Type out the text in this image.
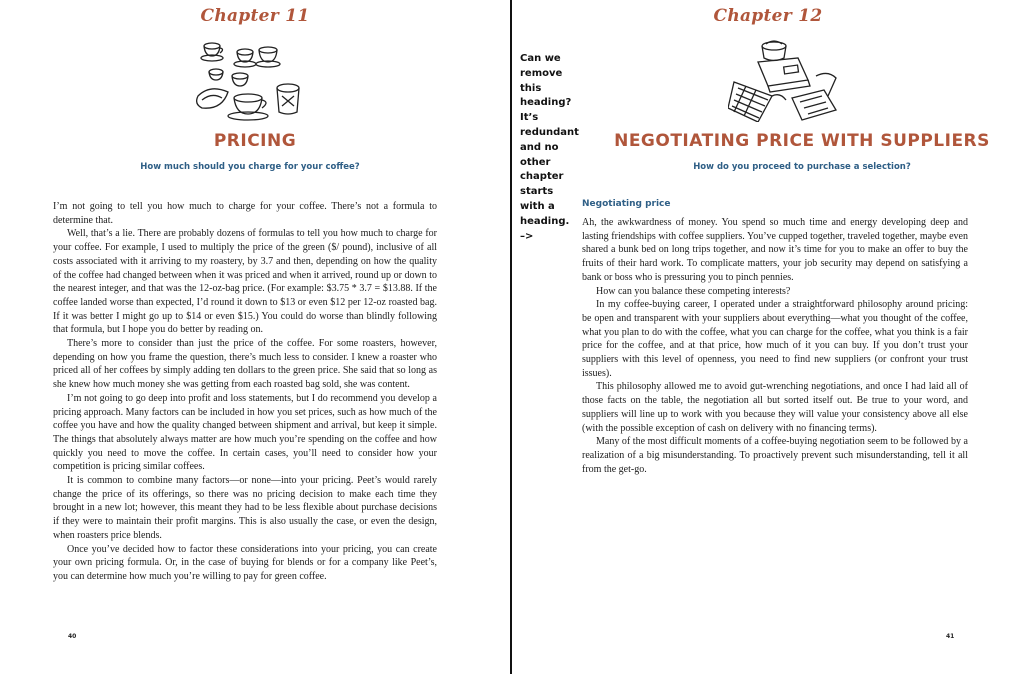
Chapter 11
PRICING
How much should you charge for your coffee?

I’m not going to tell you how much to charge for your coffee. There’s not a formula to determine that.

Well, that’s a lie. There are probably dozens of formulas to tell you how much to charge for your coffee. For example, I used to multiply the price of the green ($/ pound), inclusive of all costs associated with it arriving to my roastery, by 3.7 and then, depending on how the quality of the coffee had changed between when it was priced and when it arrived, round up or down to the nearest integer, and that was the 12-oz-bag price. (For example: $3.75 * 3.7 = $13.88. If the coffee landed worse than expected, I’d round it down to $13 or even $12 per 12-oz roasted bag. If it was better I might go up to $14 or even $15.) You could do worse than blindly following that formula, but I hope you do better by reading on.

There’s more to consider than just the price of the coffee. For some roasters, however, depending on how you frame the question, there’s much less to consider. I knew a roaster who priced all of her coffees by simply adding ten dollars to the green price. She said that so long as she knew how much money she was getting from each roasted bag sold, she was content.

I’m not going to go deep into profit and loss statements, but I do recommend you develop a pricing approach. Many factors can be included in how you set prices, such as how much of the coffee you have and how the quality changed between shipment and arrival, but keep it simple. The things that absolutely always matter are how much you’re spending on the coffee and how quickly you need to move the coffee. In certain cases, you’ll need to consider how your competition is pricing similar coffees.

It is common to combine many factors—or none—into your pricing. Peet’s would rarely change the price of its offerings, so there was no pricing decision to make each time they brought in a new lot; however, this meant they had to be less flexible about purchase decisions if they were to maintain their profit margins. This is also usually the case, or even the design, when roasters price blends.

Once you’ve decided how to factor these considerations into your pricing, you can create your own pricing formula. Or, in the case of buying for blends or for a company like Peet’s, you can determine how much you’re willing to pay for green coffee.

40
Can we remove this heading? It’s redundant and no other chapter starts with a heading. –>
Chapter 12
NEGOTIATING PRICE WITH SUPPLIERS
How do you proceed to purchase a selection?
Negotiating price

Ah, the awkwardness of money. You spend so much time and energy developing deep and lasting friendships with coffee suppliers. You’ve cupped together, traveled together, maybe even shared a bunk bed on long trips together, and now it’s time for you to make an offer to buy the fruits of their hard work. To complicate matters, your job security may depend on satisfying a bank or boss who is pressuring you to pinch pennies.

How can you balance these competing interests?

In my coffee-buying career, I operated under a straightforward philosophy around pricing: be open and transparent with your suppliers about everything—what you thought of the coffee, what you plan to do with the coffee, what you can charge for the coffee, what you think is a fair price for the coffee, and at that price, how much of it you can buy. If you don’t trust your suppliers with this level of openness, you need to find new suppliers (or confront your trust issues).

This philosophy allowed me to avoid gut-wrenching negotiations, and once I had laid all of those facts on the table, the negotiation all but sorted itself out. Be true to your word, and suppliers will line up to work with you because they will value your consistency above all else (with the possible exception of cash on delivery with no financing terms).

Many of the most difficult moments of a coffee-buying negotiation seem to be followed by a realization of a big misunderstanding. To proactively prevent such misunderstanding, tell it all from the get-go.

41
